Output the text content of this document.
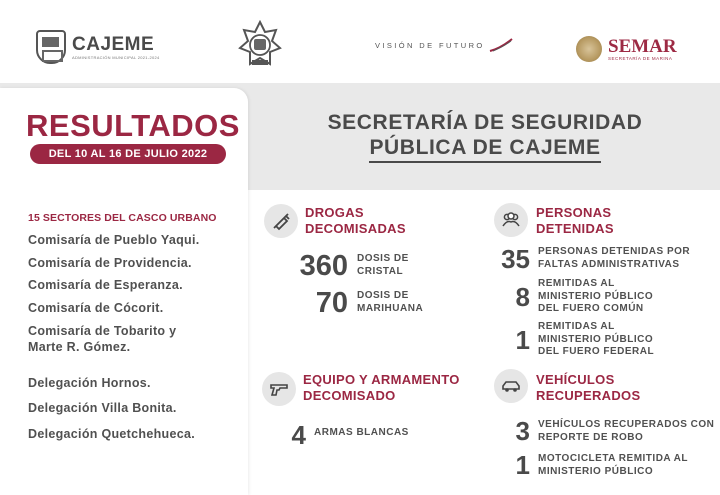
CAJEME
ADMINISTRACIÓN MUNICIPAL 2021-2024
VISIÓN DE FUTURO	SEMAR
SECRETARÍA DE MARINA
RESULTADOS
DEL 10 AL 16 DE JULIO 2022
SECRETARÍA DE SEGURIDAD
PÚBLICA DE CAJEME
15 SECTORES DEL CASCO URBANO
Comisaría de Pueblo Yaqui.
Comisaría de Providencia.
Comisaría de Esperanza.
Comisaría de Cócorit.
Comisaría de Tobarito y
Marte R. Gómez.
Delegación Hornos.
Delegación Villa Bonita.
Delegación Quetchehueca.
DROGAS
DECOMISADAS
360 DOSIS DE
CRISTAL
70 DOSIS DE
MARIHUANA
PERSONAS
DETENIDAS
35 PERSONAS DETENIDAS POR
FALTAS ADMINISTRATIVAS
8 REMITIDAS AL
MINISTERIO PÚBLICO
DEL FUERO COMÚN
1 REMITIDAS AL
MINISTERIO PÚBLICO
DEL FUERO FEDERAL
EQUIPO Y ARMAMENTO
DECOMISADO
4 ARMAS BLANCAS
VEHÍCULOS
RECUPERADOS
3 VEHÍCULOS RECUPERADOS CON
REPORTE DE ROBO
1 MOTOCICLETA REMITIDA AL
MINISTERIO PÚBLICO
